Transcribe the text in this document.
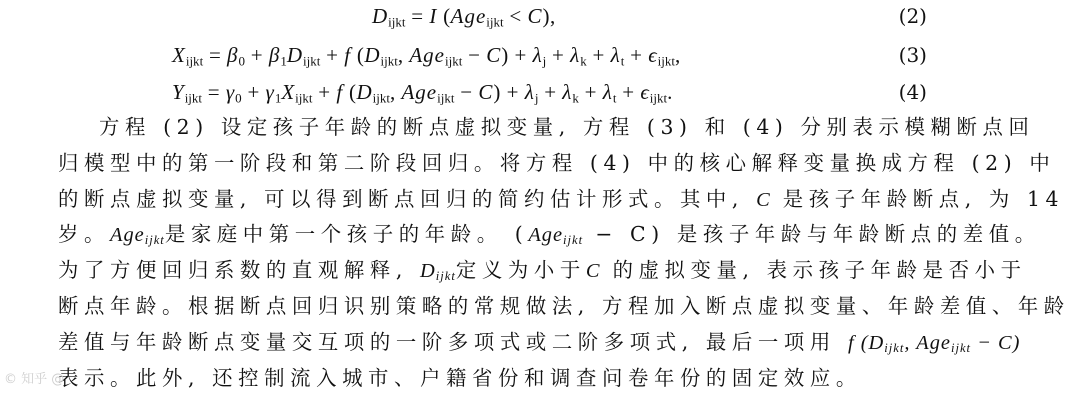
$D_{ijkt} = I$ (Age$_{ijkt}$ < C),	(2)
$X_{ijkt} = \beta_0 + \beta_1D_{ijkt} + f$ ($D_{ijkt}$, $Age_{ijkt} - C) + \lambda_j + \lambda_k + \lambda_t + \epsilon_{ijkt}$,	(3)
$Y_{ijkt} = \gamma_0 + \gamma_1X_{ijkt} + f$ ($D_{ijkt}$, $Age_{ijkt} - C) + \lambda_j + \lambda_k + \lambda_t + \epsilon_{ijkt}$.	(4)
方程 (2) 设定孩子年龄的断点虚拟变量, 方程 (3) 和 (4) 分别表示模糊断点回
归模型中的第一阶段和第二阶段回归。将方程 (4) 中的核心解释变量换成方程 (2) 中
的断点虚拟变量, 可以得到断点回归的简约估计形式。其中, C 是孩子年龄断点, 为 14
岁。Age$_{ijkt}$是家庭中第一个孩子的年龄。 (Age$_{ijkt}$ − C) 是孩子年龄与年龄断点的差值。
为了方便回归系数的直观解释, $D_{ijkt}$定义为小于C 的虚拟变量, 表示孩子年龄是否小于
断点年龄。根据断点回归识别策略的常规做法, 方程加入断点虚拟变量、年龄差值、年龄
差值与年龄断点变量交互项的一阶多项式或二阶多项式, 最后一项用 f ($D_{ijkt}$, Age$_{ijkt}$ − C)
表示。此外, 还控制流入城市、户籍省份和调查问卷年份的固定效应。
© 知乎 @
